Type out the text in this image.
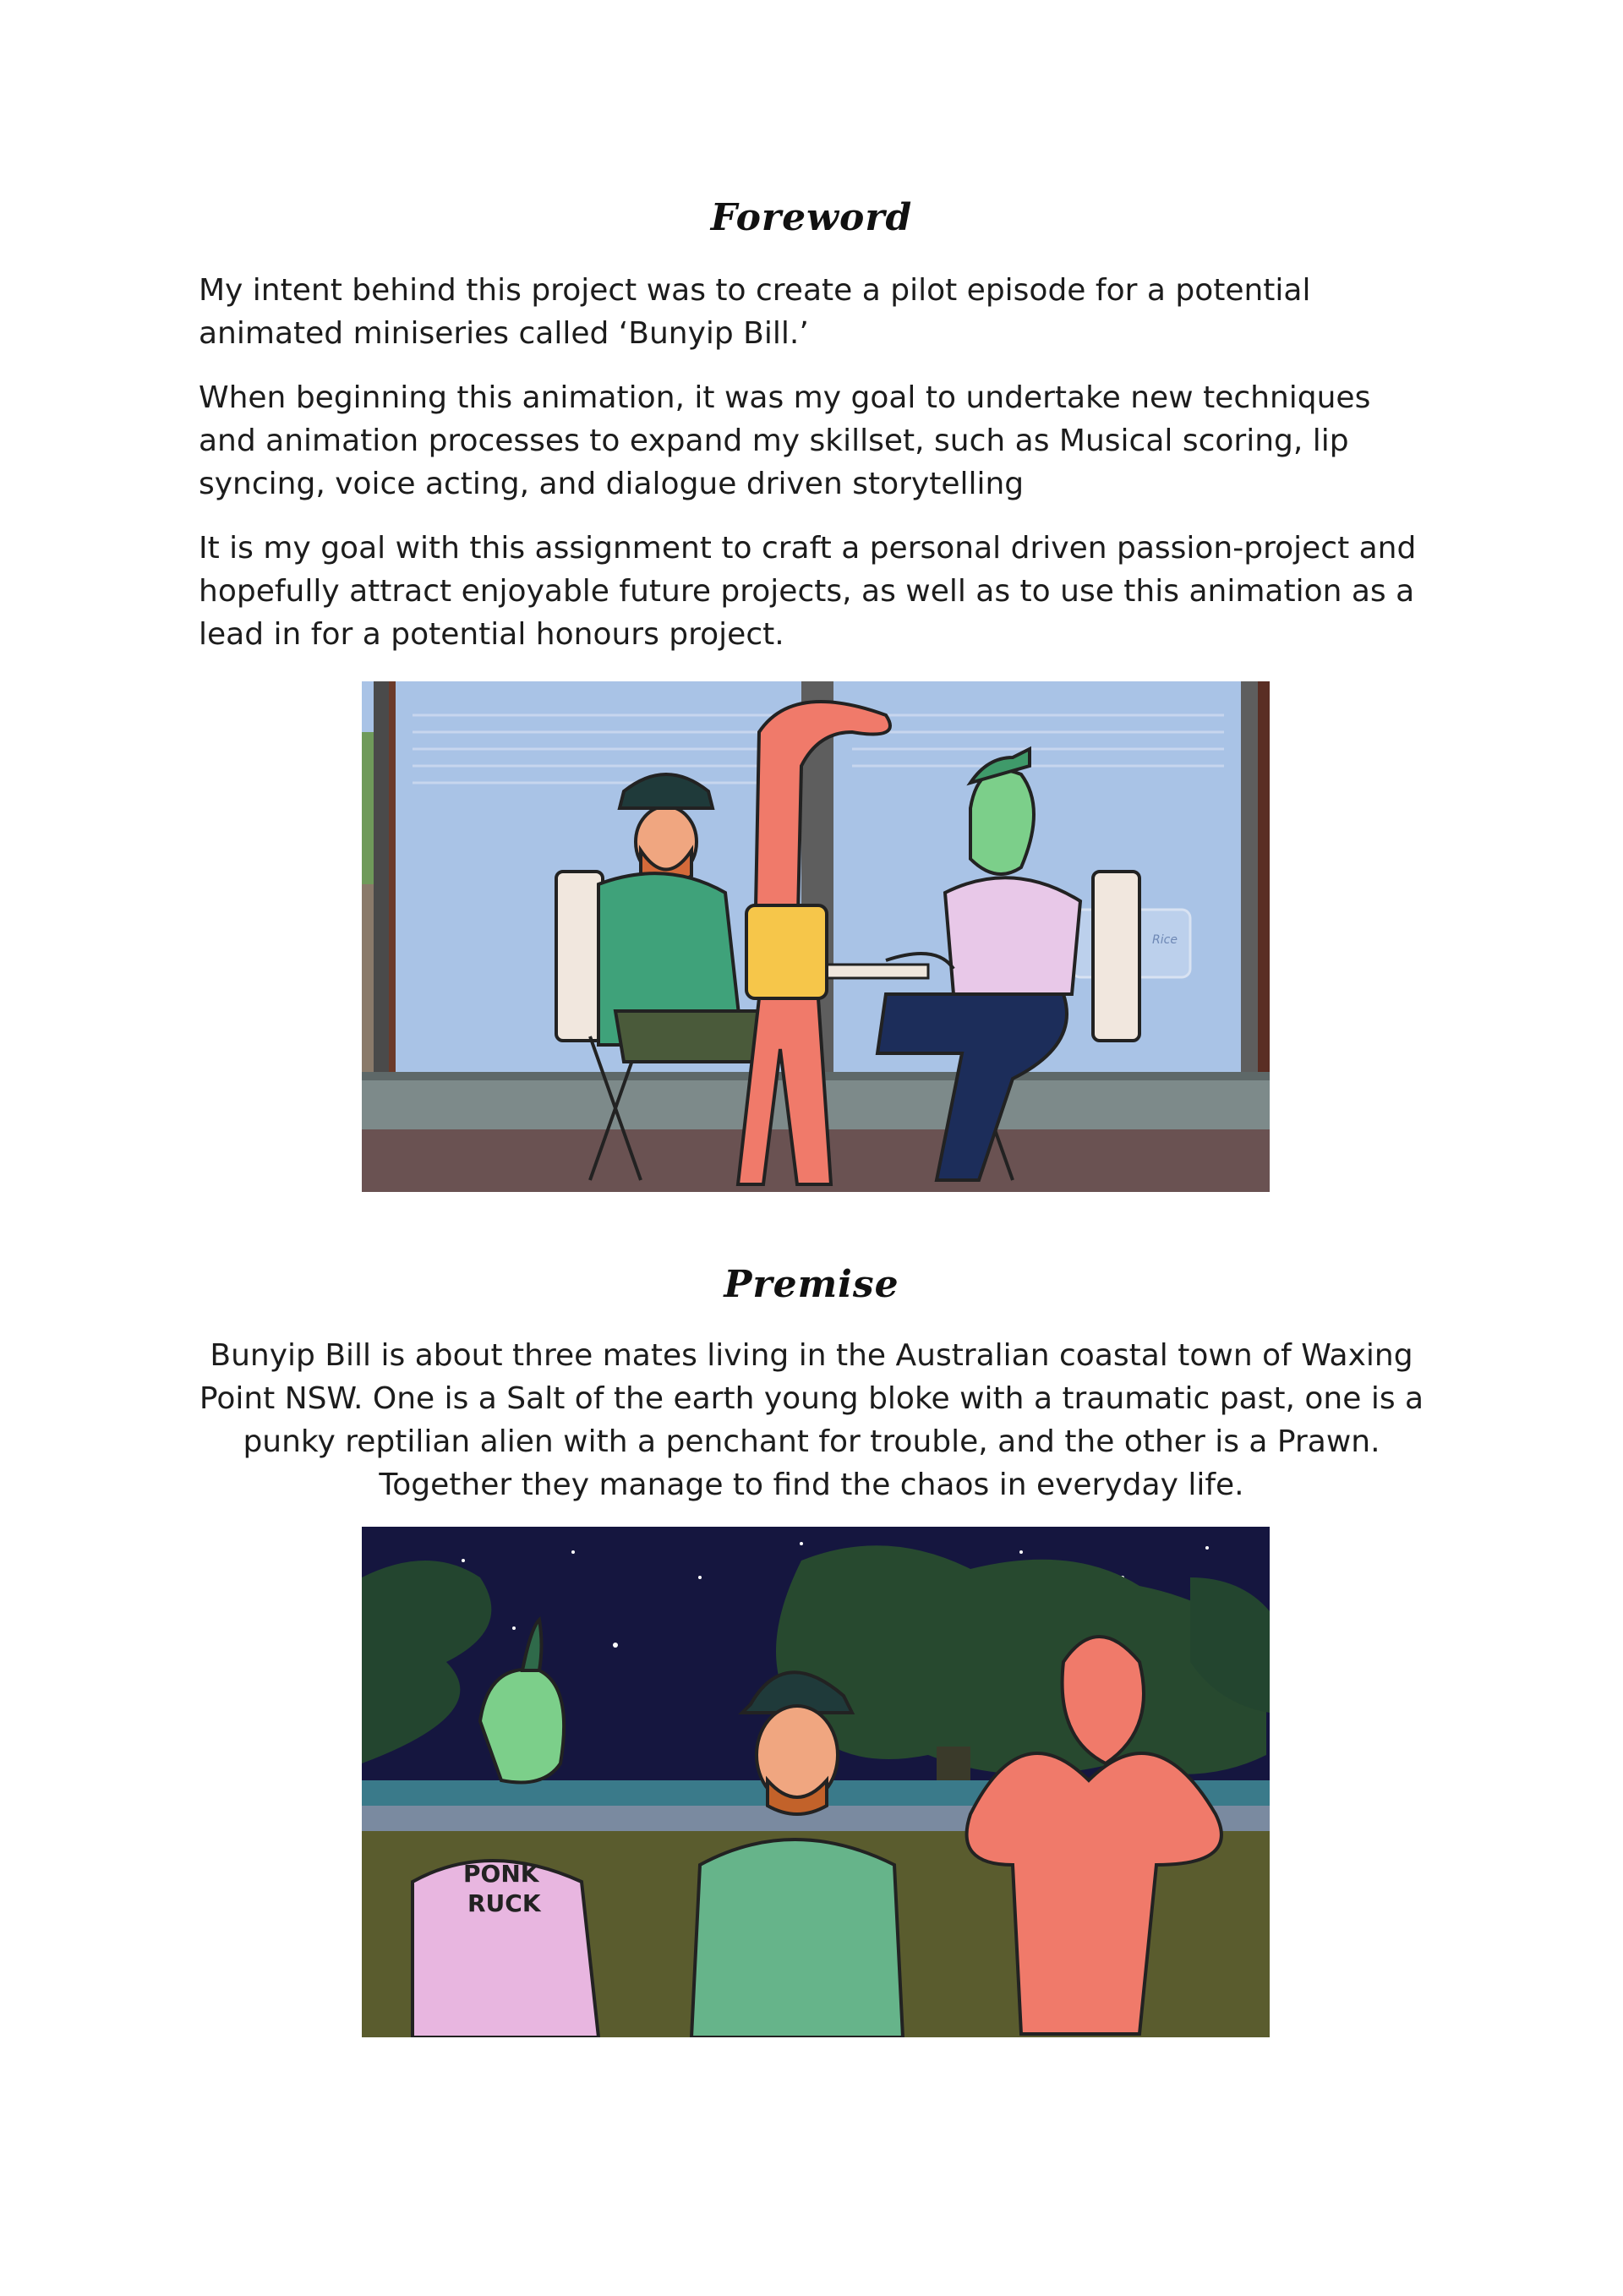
Foreword

My intent behind this project was to create a pilot episode for a potential animated miniseries called ‘Bunyip Bill.’

When beginning this animation, it was my goal to undertake new techniques and animation processes to expand my skillset, such as Musical scoring, lip syncing, voice acting, and dialogue driven storytelling

It is my goal with this assignment to craft a personal driven passion-project and hopefully attract enjoyable future projects, as well as to use this animation as a lead in for a potential honours project.

Rice
Premise

Bunyip Bill is about three mates living in the Australian coastal town of Waxing Point NSW. One is a Salt of the earth young bloke with a traumatic past, one is a punky reptilian alien with a penchant for trouble, and the other is a Prawn. Together they manage to find the chaos in everyday life.

PONK
RUCK
